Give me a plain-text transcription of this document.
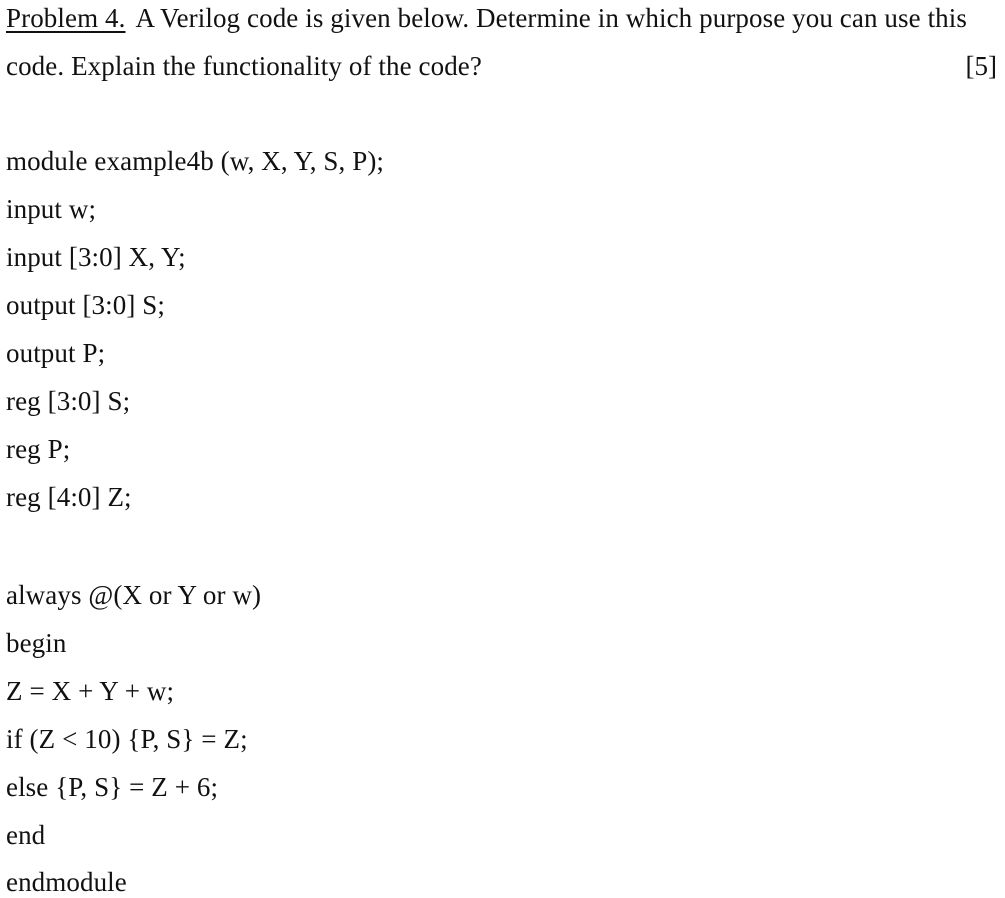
Problem 4. A Verilog code is given below. Determine in which purpose you can use this
code. Explain the functionality of the code?	[5]
module example4b (w, X, Y, S, P);
input w;
input [3:0] X, Y;
output [3:0] S;
output P;
reg [3:0] S;
reg P;
reg [4:0] Z;
always @(X or Y or w)
begin
Z = X + Y + w;
if (Z < 10) {P, S} = Z;
else {P, S} = Z + 6;
end
endmodule
